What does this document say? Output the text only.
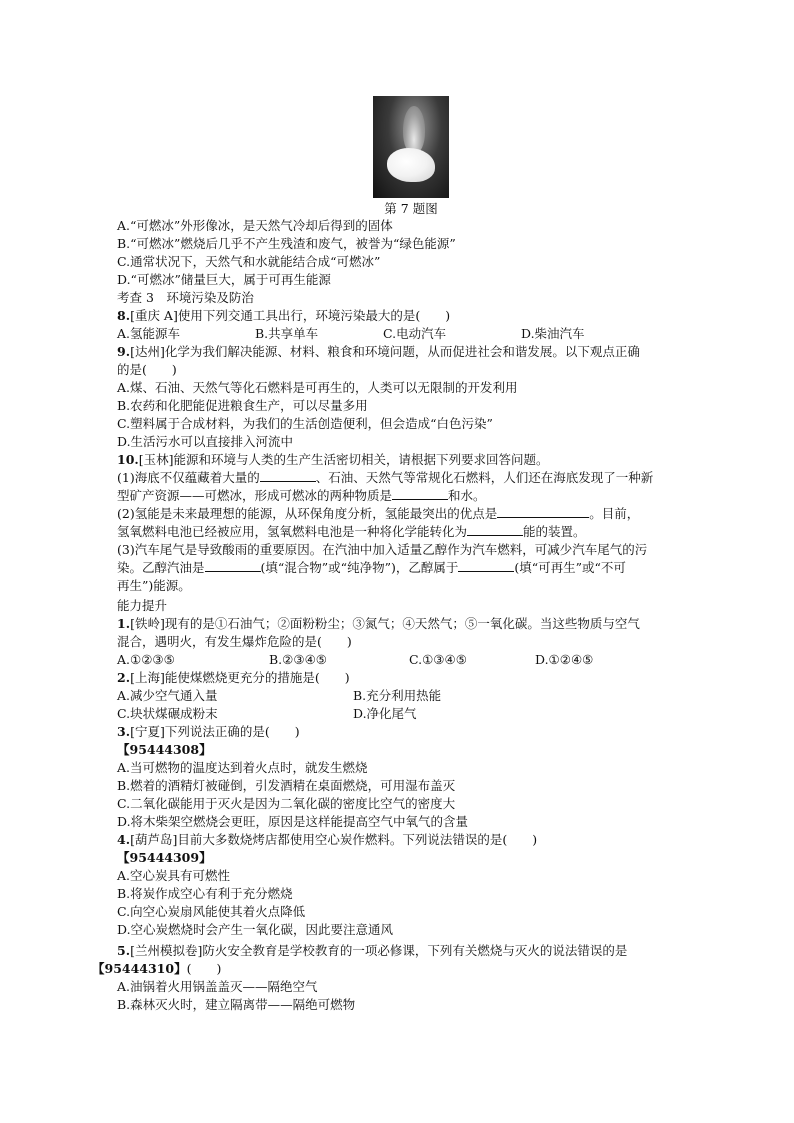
第 7 题图
A.“可燃冰”外形像冰，是天然气冷却后得到的固体
B.“可燃冰”燃烧后几乎不产生残渣和废气，被誉为“绿色能源”
C.通常状况下，天然气和水就能结合成“可燃冰”
D.“可燃冰”储量巨大，属于可再生能源
考查 3　环境污染及防治
8.[重庆 A]使用下列交通工具出行，环境污染最大的是(　　)
A.氢能源车	B.共享单车	C.电动汽车	D.柴油汽车
9.[达州]化学为我们解决能源、材料、粮食和环境问题，从而促进社会和谐发展。以下观点正确
的是(　　)
A.煤、石油、天然气等化石燃料是可再生的，人类可以无限制的开发利用
B.农药和化肥能促进粮食生产，可以尽量多用
C.塑料属于合成材料，为我们的生活创造便利，但会造成“白色污染”
D.生活污水可以直接排入河流中
10.[玉林]能源和环境与人类的生产生活密切相关，请根据下列要求回答问题。
(1)海底不仅蕴藏着大量的	、石油、天然气等常规化石燃料，人们还在海底发现了一种新
型矿产资源——可燃冰，形成可燃冰的两种物质是	和水。
(2)氢能是未来最理想的能源，从环保角度分析，氢能最突出的优点是	。目前，
氢氧燃料电池已经被应用，氢氧燃料电池是一种将化学能转化为	能的装置。
(3)汽车尾气是导致酸雨的重要原因。在汽油中加入适量乙醇作为汽车燃料，可减少汽车尾气的污
染。乙醇汽油是	(填“混合物”或“纯净物”)，乙醇属于	(填“可再生”或“不可
再生”)能源。
能力提升
1.[铁岭]现有的是①石油气；②面粉粉尘；③氮气；④天然气；⑤一氧化碳。当这些物质与空气
混合，遇明火，有发生爆炸危险的是(　　)
A.①②③⑤	B.②③④⑤	C.①③④⑤	D.①②④⑤
2.[上海]能使煤燃烧更充分的措施是(　　)
A.减少空气通入量	B.充分利用热能
C.块状煤碾成粉末	D.净化尾气
3.[宁夏]下列说法正确的是(　　)
【95444308】
A.当可燃物的温度达到着火点时，就发生燃烧
B.燃着的酒精灯被碰倒，引发酒精在桌面燃烧，可用湿布盖灭
C.二氧化碳能用于灭火是因为二氧化碳的密度比空气的密度大
D.将木柴架空燃烧会更旺，原因是这样能提高空气中氧气的含量
4.[葫芦岛]目前大多数烧烤店都使用空心炭作燃料。下列说法错误的是(　　)
【95444309】
A.空心炭具有可燃性
B.将炭作成空心有利于充分燃烧
C.向空心炭扇风能使其着火点降低
D.空心炭燃烧时会产生一氧化碳，因此要注意通风
5.[兰州模拟卷]防火安全教育是学校教育的一项必修课，下列有关燃烧与灭火的说法错误的是
【95444310】(　　)
A.油锅着火用锅盖盖灭——隔绝空气
B.森林灭火时，建立隔离带——隔绝可燃物
